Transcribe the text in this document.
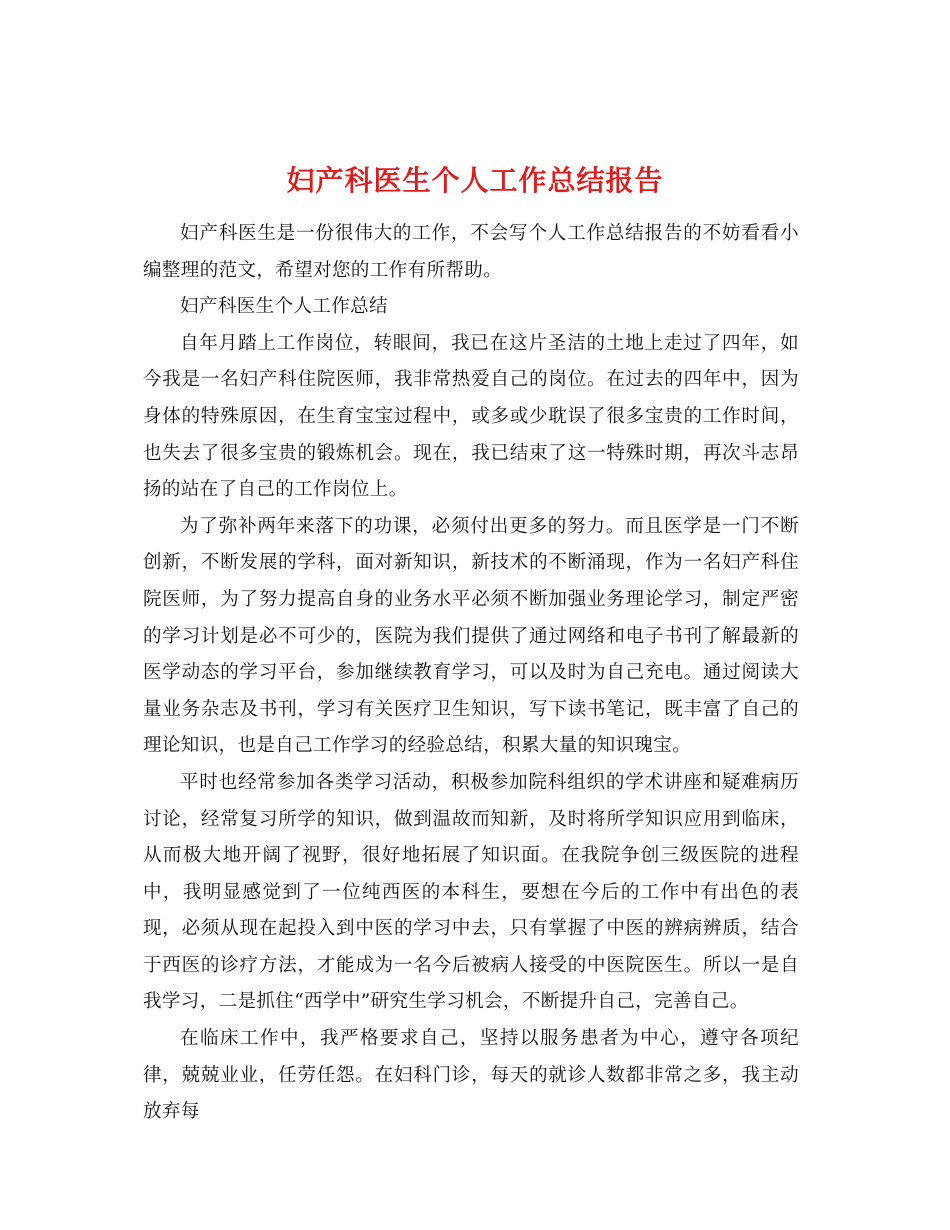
妇产科医生个人工作总结报告

妇产科医生是一份很伟大的工作，不会写个人工作总结报告的不妨看看小编整理的范文，希望对您的工作有所帮助。

妇产科医生个人工作总结

自年月踏上工作岗位，转眼间，我已在这片圣洁的土地上走过了四年，如今我是一名妇产科住院医师，我非常热爱自己的岗位。在过去的四年中，因为身体的特殊原因，在生育宝宝过程中，或多或少耽误了很多宝贵的工作时间，也失去了很多宝贵的锻炼机会。现在，我已结束了这一特殊时期，再次斗志昂扬的站在了自己的工作岗位上。

为了弥补两年来落下的功课，必须付出更多的努力。而且医学是一门不断创新，不断发展的学科，面对新知识，新技术的不断涌现，作为一名妇产科住院医师，为了努力提高自身的业务水平必须不断加强业务理论学习，制定严密的学习计划是必不可少的，医院为我们提供了通过网络和电子书刊了解最新的医学动态的学习平台，参加继续教育学习，可以及时为自己充电。通过阅读大量业务杂志及书刊，学习有关医疗卫生知识，写下读书笔记，既丰富了自己的理论知识，也是自己工作学习的经验总结，积累大量的知识瑰宝。

平时也经常参加各类学习活动，积极参加院科组织的学术讲座和疑难病历讨论，经常复习所学的知识，做到温故而知新，及时将所学知识应用到临床，从而极大地开阔了视野，很好地拓展了知识面。在我院争创三级医院的进程中，我明显感觉到了一位纯西医的本科生，要想在今后的工作中有出色的表现，必须从现在起投入到中医的学习中去，只有掌握了中医的辨病辨质，结合于西医的诊疗方法，才能成为一名今后被病人接受的中医院医生。所以一是自我学习，二是抓住“西学中”研究生学习机会，不断提升自己，完善自己。

在临床工作中，我严格要求自己，坚持以服务患者为中心，遵守各项纪律，兢兢业业，任劳任怨。在妇科门诊，每天的就诊人数都非常之多，我主动放弃每
